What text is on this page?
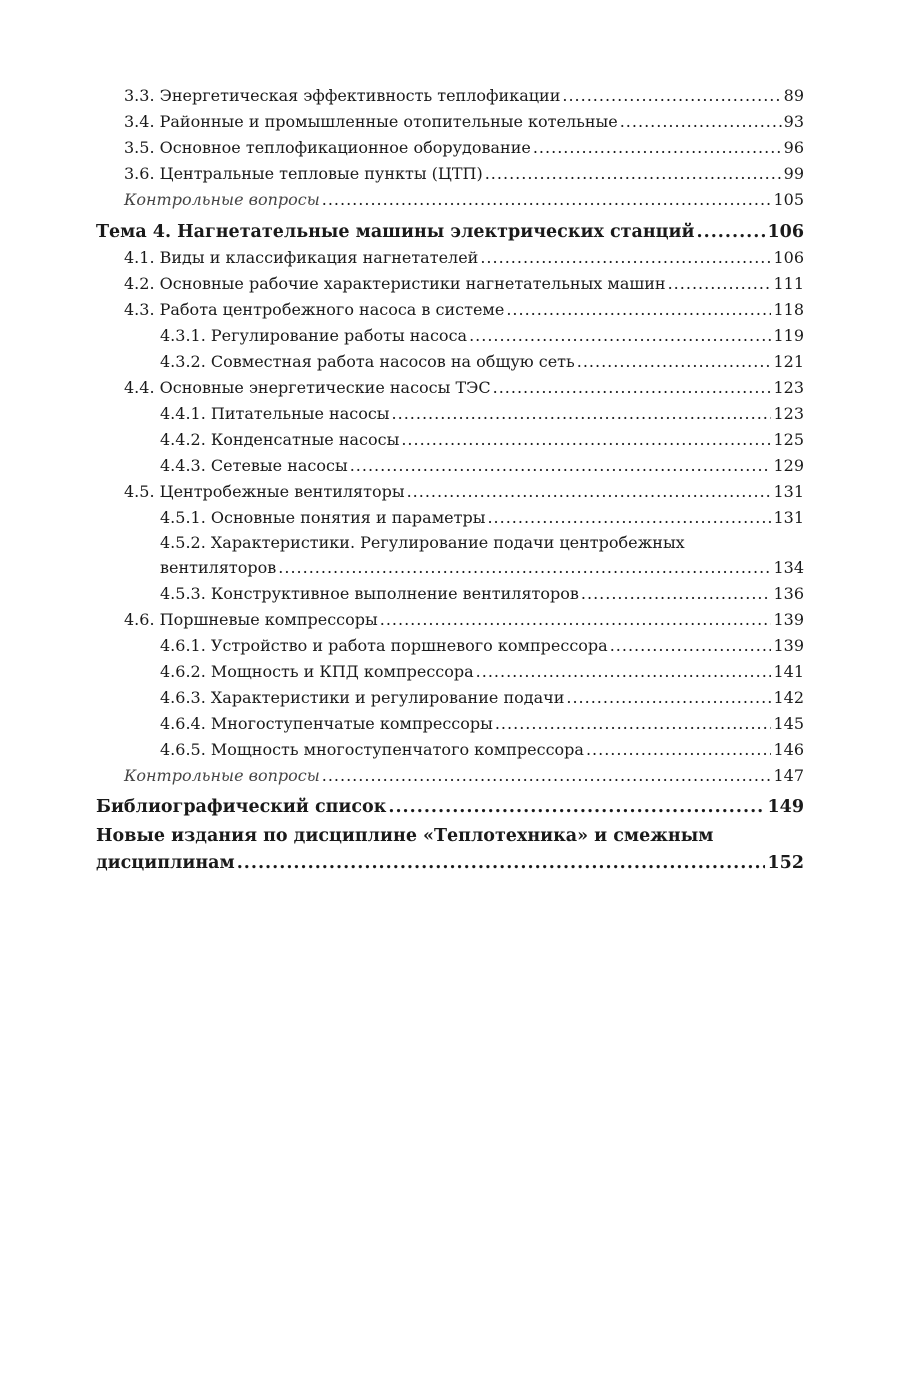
3.3. Энергетическая эффективность теплофикации .....	89
3.4. Районные и промышленные отопительные котельные .....	93
3.5. Основное теплофикационное оборудование .....	96
3.6. Центральные тепловые пункты (ЦТП) .....	99
Контрольные вопросы .....	105
Тема 4. Нагнетательные машины электрических станций .....	106
4.1. Виды и классификация нагнетателей .....	106
4.2. Основные рабочие характеристики нагнетательных машин .....	111
4.3. Работа центробежного насоса в системе .....	118
4.3.1. Регулирование работы насоса .....	119
4.3.2. Совместная работа насосов на общую сеть .....	121
4.4. Основные энергетические насосы ТЭС .....	123
4.4.1. Питательные насосы .....	123
4.4.2. Конденсатные насосы .....	125
4.4.3. Сетевые насосы .....	129
4.5. Центробежные вентиляторы .....	131
4.5.1. Основные понятия и параметры .....	131
4.5.2. Характеристики. Регулирование подачи центробежных
вентиляторов .....	134
4.5.3. Конструктивное выполнение вентиляторов .....	136
4.6. Поршневые компрессоры .....	139
4.6.1. Устройство и работа поршневого компрессора .....	139
4.6.2. Мощность и КПД компрессора .....	141
4.6.3. Характеристики и регулирование подачи .....	142
4.6.4. Многоступенчатые компрессоры .....	145
4.6.5. Мощность многоступенчатого компрессора .....	146
Контрольные вопросы .....	147
Библиографический список .....	149
Новые издания по дисциплине «Теплотехника» и смежным
дисциплинам .....	152
